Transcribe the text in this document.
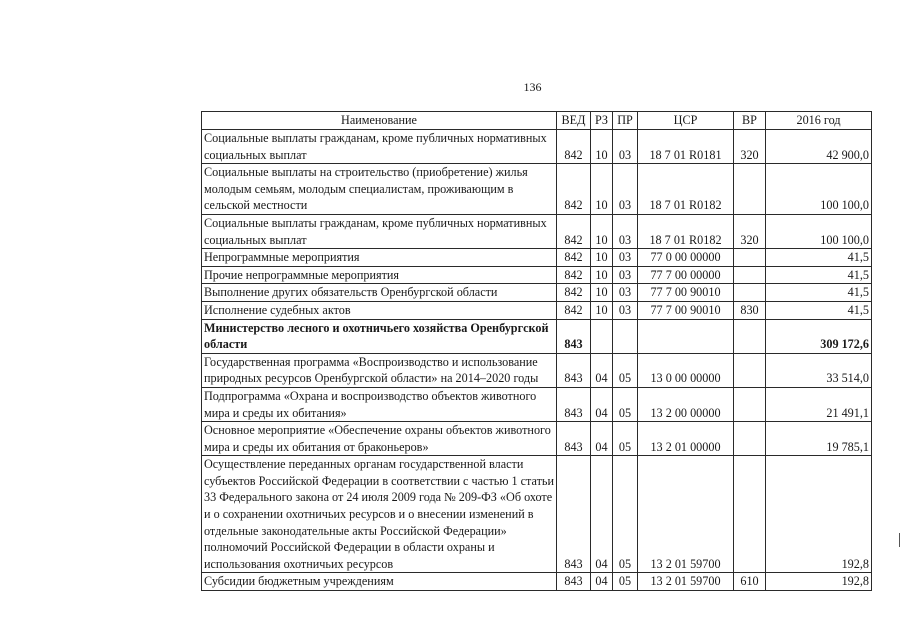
136
Наименование	ВЕД	РЗ	ПР	ЦСР	ВР	2016 год
Социальные выплаты гражданам, кроме публичных нормативных социальных выплат	842	10	03	18 7 01 R0181	320	42 900,0
Социальные выплаты на строительство (приобретение) жилья молодым семьям, молодым специалистам, проживающим в сельской местности	842	10	03	18 7 01 R0182		100 100,0
Социальные выплаты гражданам, кроме публичных нормативных социальных выплат	842	10	03	18 7 01 R0182	320	100 100,0
Непрограммные мероприятия	842	10	03	77 0 00 00000		41,5
Прочие непрограммные мероприятия	842	10	03	77 7 00 00000		41,5
Выполнение других обязательств Оренбургской области	842	10	03	77 7 00 90010		41,5
Исполнение судебных актов	842	10	03	77 7 00 90010	830	41,5
Министерство лесного и охотничьего хозяйства Оренбургской области	843					309 172,6
Государственная программа «Воспроизводство и использование природных ресурсов Оренбургской области» на 2014–2020 годы	843	04	05	13 0 00 00000		33 514,0
Подпрограмма «Охрана и воспроизводство объектов животного мира и среды их обитания»	843	04	05	13 2 00 00000		21 491,1
Основное мероприятие «Обеспечение охраны объектов животного мира и среды их обитания от браконьеров»	843	04	05	13 2 01 00000		19 785,1
Осуществление переданных органам государственной власти субъектов Российской Федерации в соответствии с частью 1 статьи 33 Федерального закона от 24 июля 2009 года № 209-ФЗ «Об охоте и о сохранении охотничьих ресурсов и о внесении изменений в отдельные законодательные акты Российской Федерации» полномочий Российской Федерации в области охраны и использования охотничьих ресурсов	843	04	05	13 2 01 59700		192,8
Субсидии бюджетным учреждениям	843	04	05	13 2 01 59700	610	192,8
